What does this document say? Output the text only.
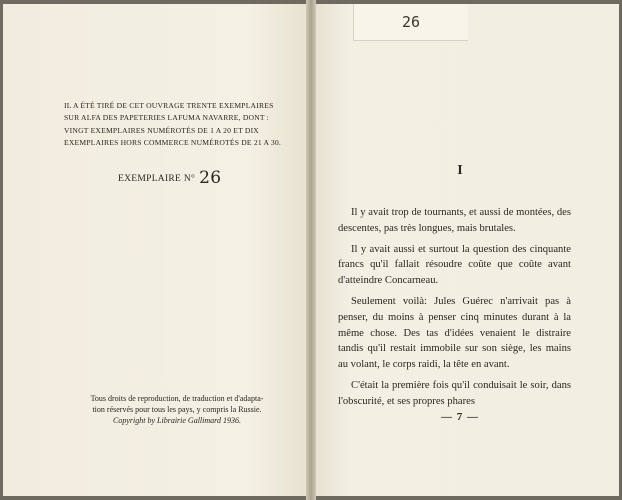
IL A ÉTÉ TIRÉ DE CET OUVRAGE TRENTE EXEMPLAIRES
SUR ALFA DES PAPETERIES LAFUMA NAVARRE, DONT :
VINGT EXEMPLAIRES NUMÉROTÉS DE 1 A 20 ET DIX
EXEMPLAIRES HORS COMMERCE NUMÉROTÉS DE 21 A 30.
EXEMPLAIRE N° 26
Tous droits de reproduction, de traduction et d'adapta-
tion réservés pour tous les pays, y compris la Russie.
Copyright by Librairie Gallimard 1936.
26
I

Il y avait trop de tournants, et aussi de montées, des descentes, pas très longues, mais brutales.

Il y avait aussi et surtout la question des cinquante francs qu'il fallait résoudre coûte que coûte avant d'atteindre Concarneau.

Seulement voilà: Jules Guérec n'arrivait pas à penser, du moins à penser cinq minutes durant à la même chose. Des tas d'idées venaient le distraire tandis qu'il restait immobile sur son siège, les mains au volant, le corps raidi, la tête en avant.

C'était la première fois qu'il conduisait le soir, dans l'obscurité, et ses propres phares

— 7 —
